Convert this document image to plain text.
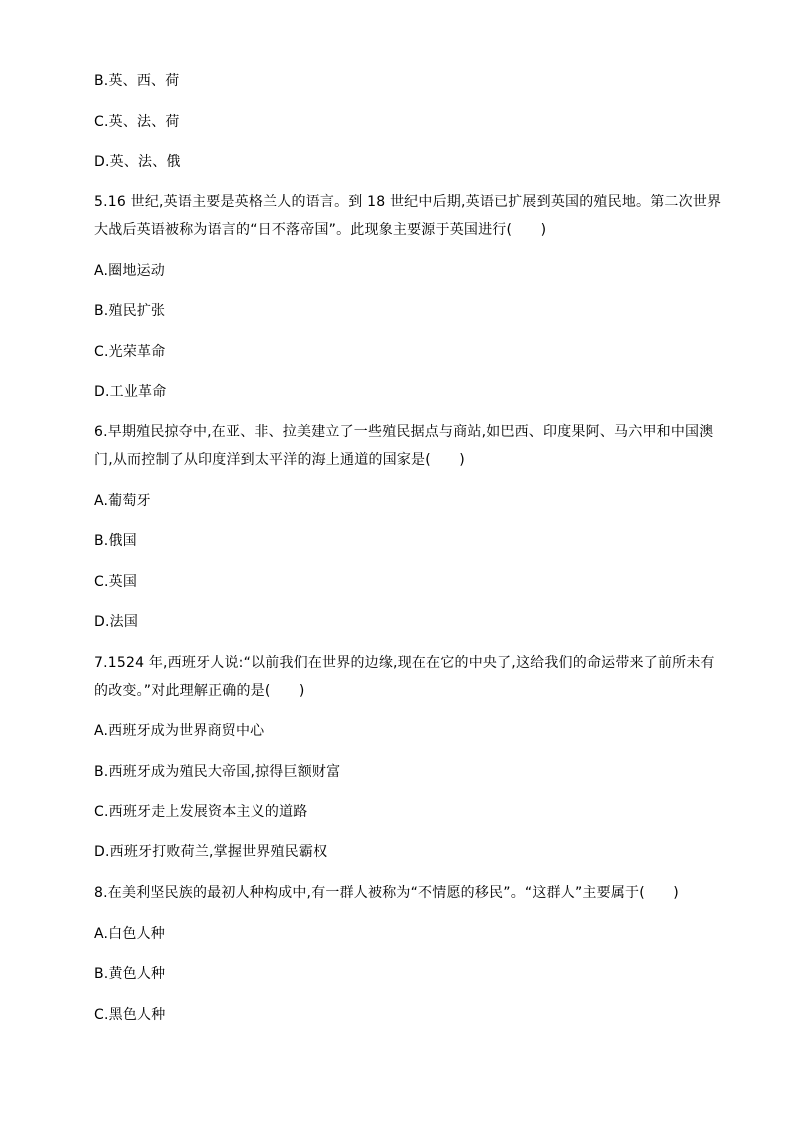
B.英、西、荷
C.英、法、荷
D.英、法、俄
5.16 世纪,英语主要是英格兰人的语言。到 18 世纪中后期,英语已扩展到英国的殖民地。第二次世界
大战后英语被称为语言的“日不落帝国”。此现象主要源于英国进行(　　)
A.圈地运动
B.殖民扩张
C.光荣革命
D.工业革命
6.早期殖民掠夺中,在亚、非、拉美建立了一些殖民据点与商站,如巴西、印度果阿、马六甲和中国澳
门,从而控制了从印度洋到太平洋的海上通道的国家是(　　)
A.葡萄牙
B.俄国
C.英国
D.法国
7.1524 年,西班牙人说:“以前我们在世界的边缘,现在在它的中央了,这给我们的命运带来了前所未有
的改变。”对此理解正确的是(　　)
A.西班牙成为世界商贸中心
B.西班牙成为殖民大帝国,掠得巨额财富
C.西班牙走上发展资本主义的道路
D.西班牙打败荷兰,掌握世界殖民霸权
8.在美利坚民族的最初人种构成中,有一群人被称为“不情愿的移民”。“这群人”主要属于(　　)
A.白色人种
B.黄色人种
C.黑色人种
